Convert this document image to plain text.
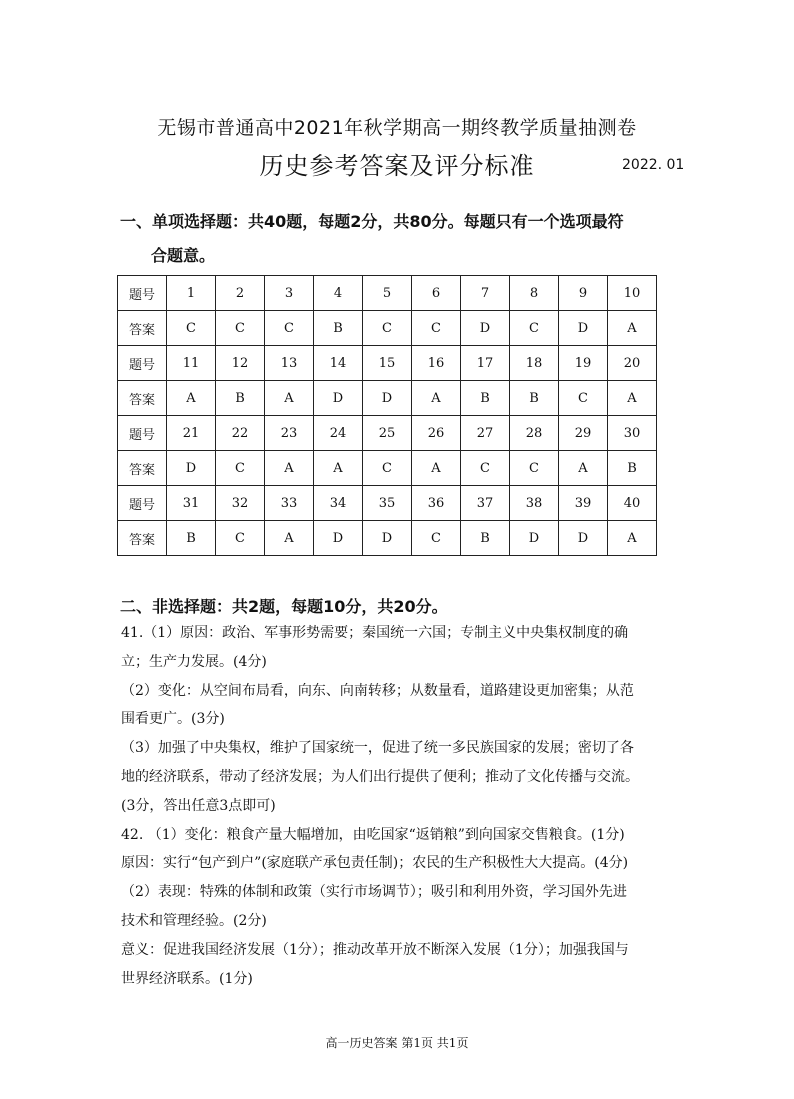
无锡市普通高中2021年秋学期高一期终教学质量抽测卷
历史参考答案及评分标准	2022. 01
一、单项选择题：共40题，每题2分，共80分。每题只有一个选项最符
合题意。
题号	1	2	3	4	5	6	7	8	9	10
答案	C	C	C	B	C	C	D	C	D	A
题号	11	12	13	14	15	16	17	18	19	20
答案	A	B	A	D	D	A	B	B	C	A
题号	21	22	23	24	25	26	27	28	29	30
答案	D	C	A	A	C	A	C	C	A	B
题号	31	32	33	34	35	36	37	38	39	40
答案	B	C	A	D	D	C	B	D	D	A
二、非选择题：共2题，每题10分，共20分。

41.（1）原因：政治、军事形势需要；秦国统一六国；专制主义中央集权制度的确

立；生产力发展。(4分)

（2）变化：从空间布局看，向东、向南转移；从数量看，道路建设更加密集；从范

围看更广。(3分)

（3）加强了中央集权，维护了国家统一，促进了统一多民族国家的发展；密切了各

地的经济联系，带动了经济发展；为人们出行提供了便利；推动了文化传播与交流。

(3分，答出任意3点即可)

42. （1）变化：粮食产量大幅增加，由吃国家“返销粮”到向国家交售粮食。(1分)

原因：实行“包产到户”(家庭联产承包责任制)；农民的生产积极性大大提高。(4分)

（2）表现：特殊的体制和政策（实行市场调节）；吸引和利用外资，学习国外先进

技术和管理经验。(2分)

意义：促进我国经济发展（1分）；推动改革开放不断深入发展（1分）；加强我国与

世界经济联系。(1分)

高一历史答案 第1页 共1页
